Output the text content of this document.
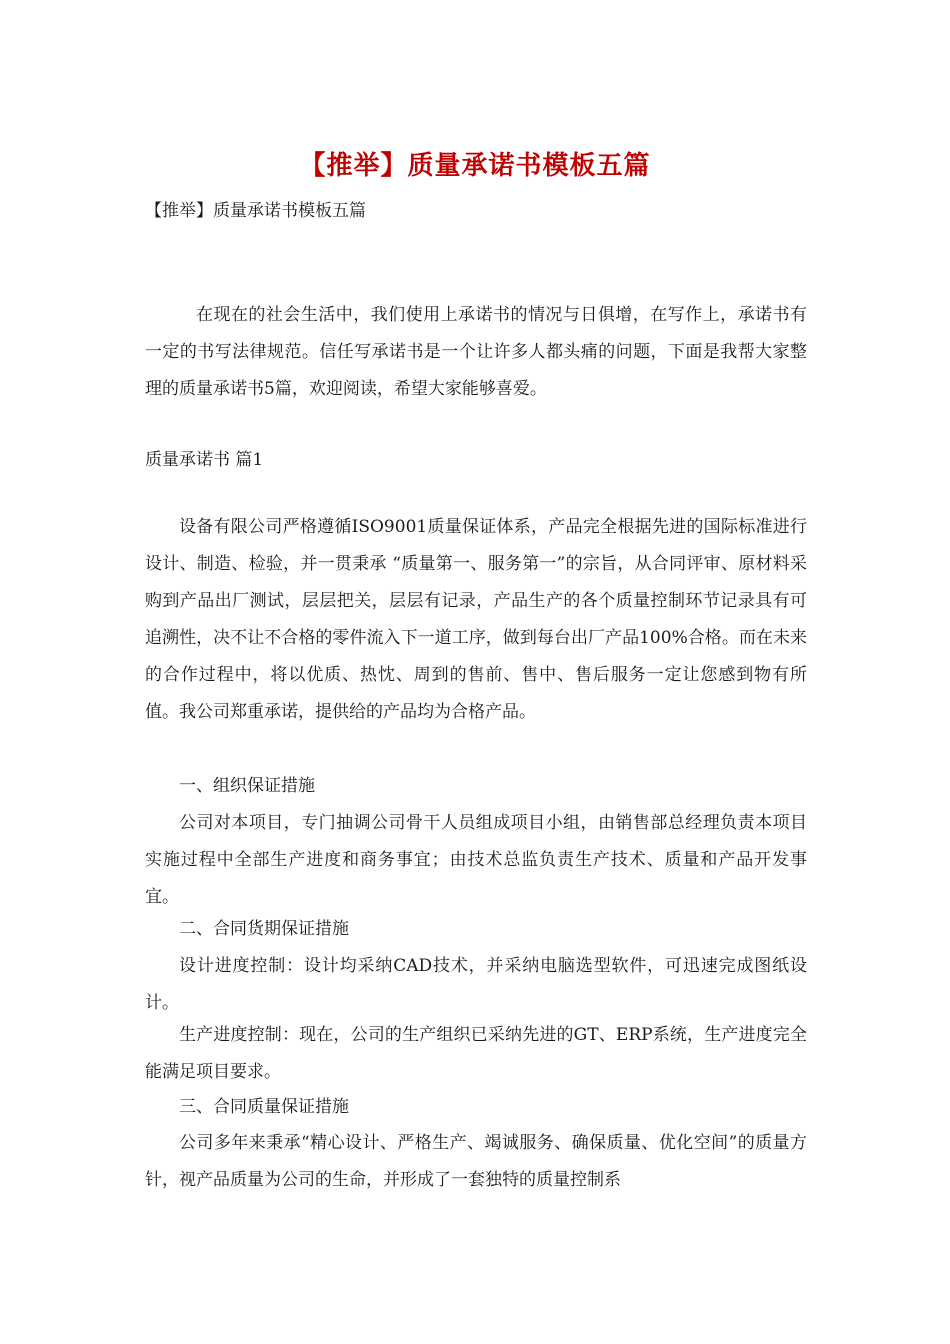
【推举】质量承诺书模板五篇
【推举】质量承诺书模板五篇
在现在的社会生活中，我们使用上承诺书的情况与日俱增，在写作上，承诺书有一定的书写法律规范。信任写承诺书是一个让许多人都头痛的问题，下面是我帮大家整理的质量承诺书5篇，欢迎阅读，希望大家能够喜爱。
质量承诺书 篇1
设备有限公司严格遵循ISO9001质量保证体系，产品完全根据先进的国际标准进行设计、制造、检验，并一贯秉承 “质量第一、服务第一”的宗旨，从合同评审、原材料采购到产品出厂测试，层层把关，层层有记录，产品生产的各个质量控制环节记录具有可追溯性，决不让不合格的零件流入下一道工序，做到每台出厂产品100%合格。而在未来的合作过程中，将以优质、热忱、周到的售前、售中、售后服务一定让您感到物有所值。我公司郑重承诺，提供给的产品均为合格产品。
一、组织保证措施
公司对本项目，专门抽调公司骨干人员组成项目小组，由销售部总经理负责本项目实施过程中全部生产进度和商务事宜；由技术总监负责生产技术、质量和产品开发事宜。
二、合同货期保证措施
设计进度控制：设计均采纳CAD技术，并采纳电脑选型软件，可迅速完成图纸设计。
生产进度控制：现在，公司的生产组织已采纳先进的GT、ERP系统，生产进度完全能满足项目要求。
三、合同质量保证措施
公司多年来秉承“精心设计、严格生产、竭诚服务、确保质量、优化空间”的质量方针，视产品质量为公司的生命，并形成了一套独特的质量控制系
